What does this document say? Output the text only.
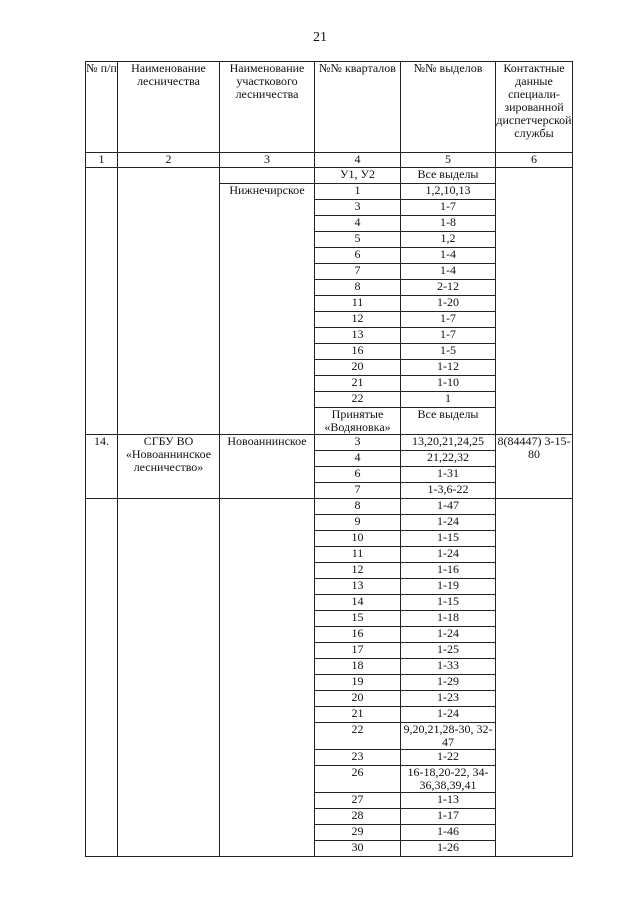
21
№ п/п	Наименование лесничества	Наименование участкового лесничества	№№ кварталов	№№ выделов	Контактные данные специали-зированной диспетчерской службы
1	2	3	4	5	6
			У1, У2	Все выделы	
		Нижнечирское	1	1,2,10,13	
			3	1-7	
			4	1-8	
			5	1,2	
			6	1-4	
			7	1-4	
			8	2-12	
			11	1-20	
			12	1-7	
			13	1-7	
			16	1-5	
			20	1-12	
			21	1-10	
			22	1	
			Принятые «Водяновка»	Все выделы	
14.	СГБУ ВО «Новоаннинское лесничество»	Новоаннинское	3	13,20,21,24,25	8(84447) 3-15-80
			4	21,22,32	
			6	1-31	
			7	1-3,6-22	
			8	1-47	
			9	1-24	
			10	1-15	
			11	1-24	
			12	1-16	
			13	1-19	
			14	1-15	
			15	1-18	
			16	1-24	
			17	1-25	
			18	1-33	
			19	1-29	
			20	1-23	
			21	1-24	
			22	9,20,21,28-30, 32-47	
			23	1-22	
			26	16-18,20-22, 34-36,38,39,41	
			27	1-13	
			28	1-17	
			29	1-46	
			30	1-26	
